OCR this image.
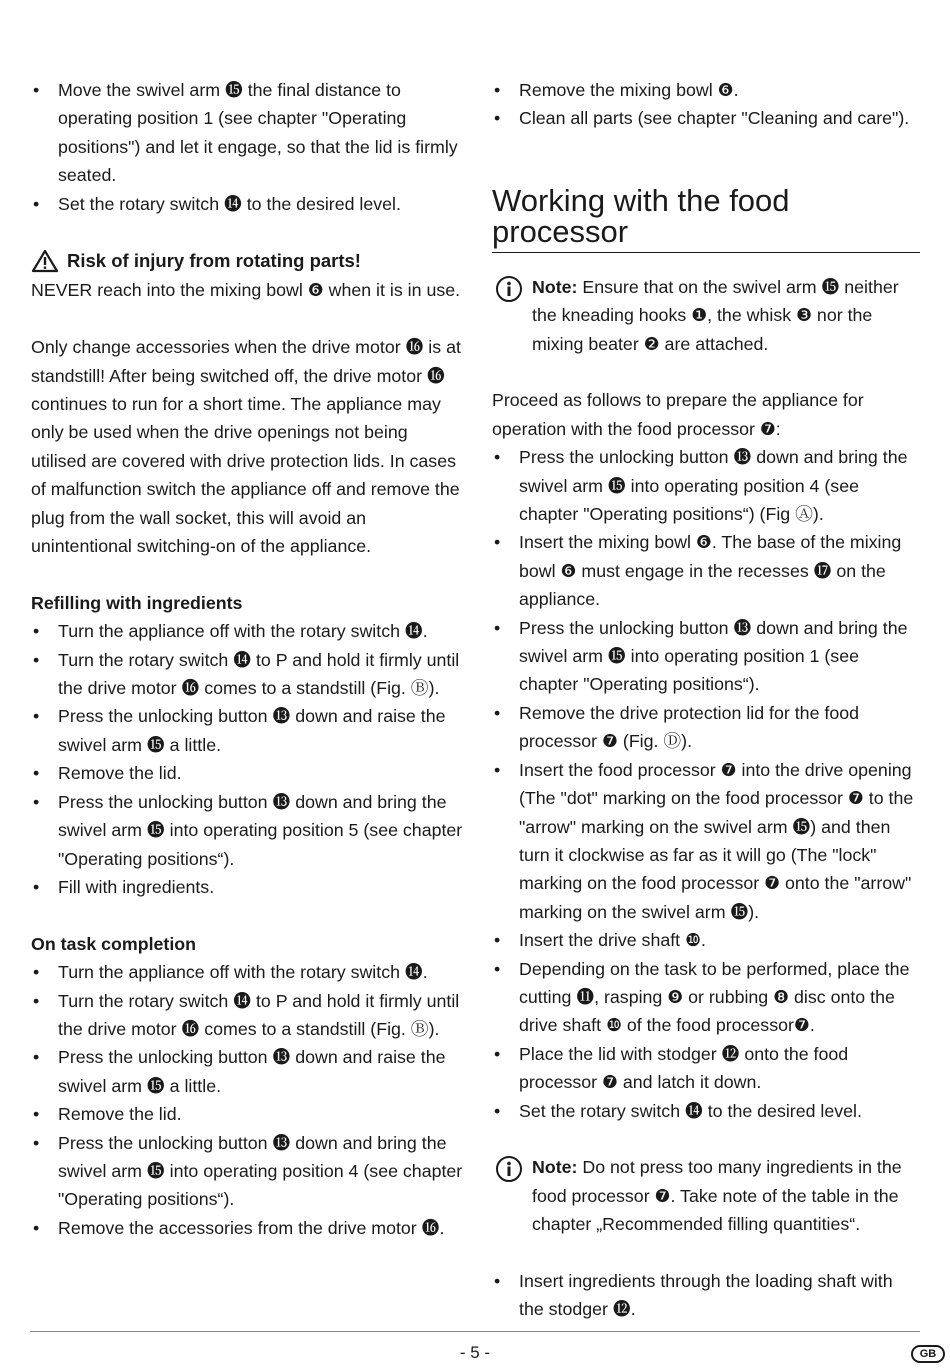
• Move the swivel arm ⓯ the final distance to operating position 1 (see chapter "Operating positions") and let it engage, so that the lid is firmly seated.
• Set the rotary switch ⓮ to the desired level.

Risk of injury from rotating parts!

NEVER reach into the mixing bowl ❻ when it is in use.

Only change accessories when the drive motor ⓰ is at standstill! After being switched off, the drive motor ⓰ continues to run for a short time. The appliance may only be used when the drive openings not being utilised are covered with drive protection lids. In cases of malfunction switch the appliance off and remove the plug from the wall socket, this will avoid an unintentional switching-on of the appliance.

Refilling with ingredients

• Turn the appliance off with the rotary switch ⓮.
• Turn the rotary switch ⓮ to P and hold it firmly until the drive motor ⓰ comes to a standstill (Fig. Ⓑ).
• Press the unlocking button ⓭ down and raise the swivel arm ⓯ a little.
• Remove the lid.
• Press the unlocking button ⓭ down and bring the swivel arm ⓯ into operating position 5 (see chapter "Operating positions“).
• Fill with ingredients.

On task completion

• Turn the appliance off with the rotary switch ⓮.
• Turn the rotary switch ⓮ to P and hold it firmly until the drive motor ⓰ comes to a standstill (Fig. Ⓑ).
• Press the unlocking button ⓭ down and raise the swivel arm ⓯ a little.
• Remove the lid.
• Press the unlocking button ⓭ down and bring the swivel arm ⓯ into operating position 4 (see chapter "Operating positions“).
• Remove the accessories from the drive motor ⓰.
• Remove the mixing bowl ❻.
• Clean all parts (see chapter "Cleaning and care").
Working with the food processor

Note: Ensure that on the swivel arm ⓯ neither the kneading hooks ❶, the whisk ❸ nor the mixing beater ❷ are attached.

Proceed as follows to prepare the appliance for operation with the food processor ❼:

• Press the unlocking button ⓭ down and bring the swivel arm ⓯ into operating position 4 (see chapter "Operating positions“) (Fig Ⓐ).
• Insert the mixing bowl ❻. The base of the mixing bowl ❻ must engage in the recesses ⓱ on the appliance.
• Press the unlocking button ⓭ down and bring the swivel arm ⓯ into operating position 1 (see chapter "Operating positions“).
• Remove the drive protection lid for the food processor ❼ (Fig. Ⓓ).
• Insert the food processor ❼ into the drive opening (The "dot" marking on the food processor ❼ to the "arrow" marking on the swivel arm ⓯) and then turn it clockwise as far as it will go (The "lock" marking on the food processor ❼ onto the "arrow" marking on the swivel arm ⓯).
• Insert the drive shaft ❿.
• Depending on the task to be performed, place the cutting ⓫, rasping ❾ or rubbing ❽ disc onto the drive shaft ❿ of the food processor❼.
• Place the lid with stodger ⓬ onto the food processor ❼ and latch it down.
• Set the rotary switch ⓮ to the desired level.

Note: Do not press too many ingredients in the food processor ❼. Take note of the table in the chapter „Recommended filling quantities“.

• Insert ingredients through the loading shaft with the stodger ⓬.
- 5 -	GB
